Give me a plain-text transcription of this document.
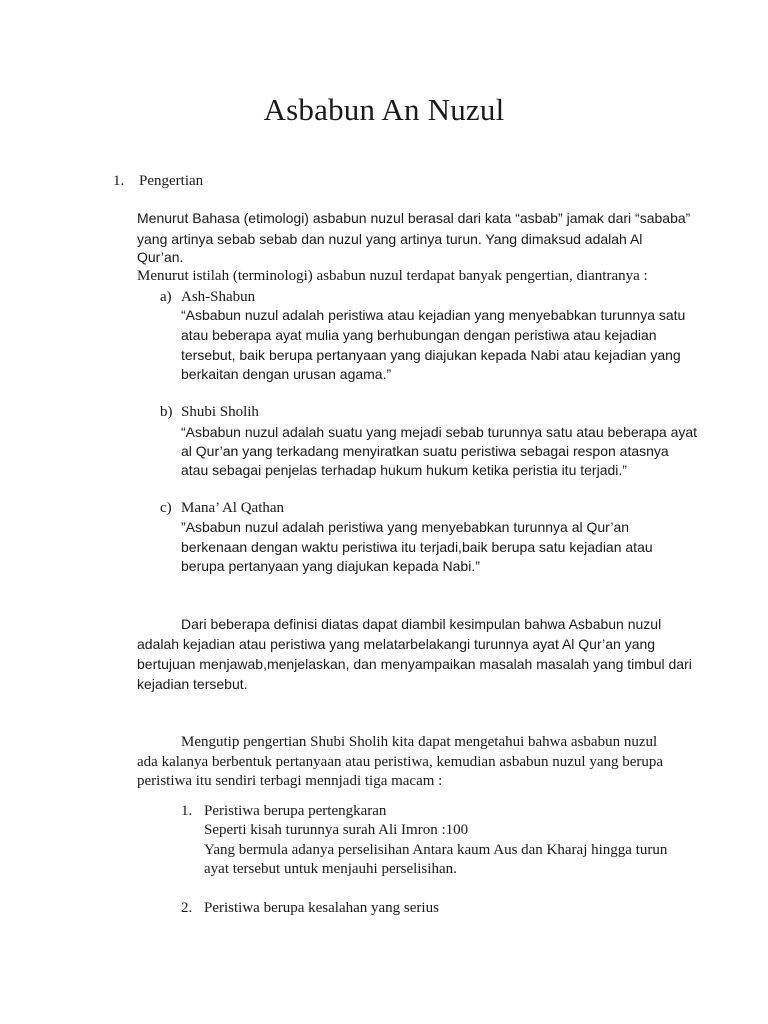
Asbabun An Nuzul
1. Pengertian

Menurut Bahasa (etimologi) asbabun nuzul berasal dari kata “asbab” jamak dari “sababa”

yang artinya sebab sebab dan nuzul yang artinya turun. Yang dimaksud adalah Al

Qur’an.

Menurut istilah (terminologi) asbabun nuzul terdapat banyak pengertian, diantranya :

a) Ash-Shabun

“Asbabun nuzul adalah peristiwa atau kejadian yang menyebabkan turunnya satu

atau beberapa ayat mulia yang berhubungan dengan peristiwa atau kejadian

tersebut, baik berupa pertanyaan yang diajukan kepada Nabi atau kejadian yang

berkaitan dengan urusan agama.”

b) Shubi Sholih

“Asbabun nuzul adalah suatu yang mejadi sebab turunnya satu atau beberapa ayat

al Qur’an yang terkadang menyiratkan suatu peristiwa sebagai respon atasnya

atau sebagai penjelas terhadap hukum hukum ketika peristia itu terjadi.”

c) Mana’ Al Qathan

”Asbabun nuzul adalah peristiwa yang menyebabkan turunnya al Qur’an

berkenaan dengan waktu peristiwa itu terjadi,baik berupa satu kejadian atau

berupa pertanyaan yang diajukan kepada Nabi.”

Dari beberapa definisi diatas dapat diambil kesimpulan bahwa Asbabun nuzul

adalah kejadian atau peristiwa yang melatarbelakangi turunnya ayat Al Qur’an yang

bertujuan menjawab,menjelaskan, dan menyampaikan masalah masalah yang timbul dari

kejadian tersebut.

Mengutip pengertian Shubi Sholih kita dapat mengetahui bahwa asbabun nuzul

ada kalanya berbentuk pertanyaan atau peristiwa, kemudian asbabun nuzul yang berupa

peristiwa itu sendiri terbagi mennjadi tiga macam :

1. Peristiwa berupa pertengkaran

Seperti kisah turunnya surah Ali Imron :100

Yang bermula adanya perselisihan Antara kaum Aus dan Kharaj hingga turun

ayat tersebut untuk menjauhi perselisihan.

2. Peristiwa berupa kesalahan yang serius
